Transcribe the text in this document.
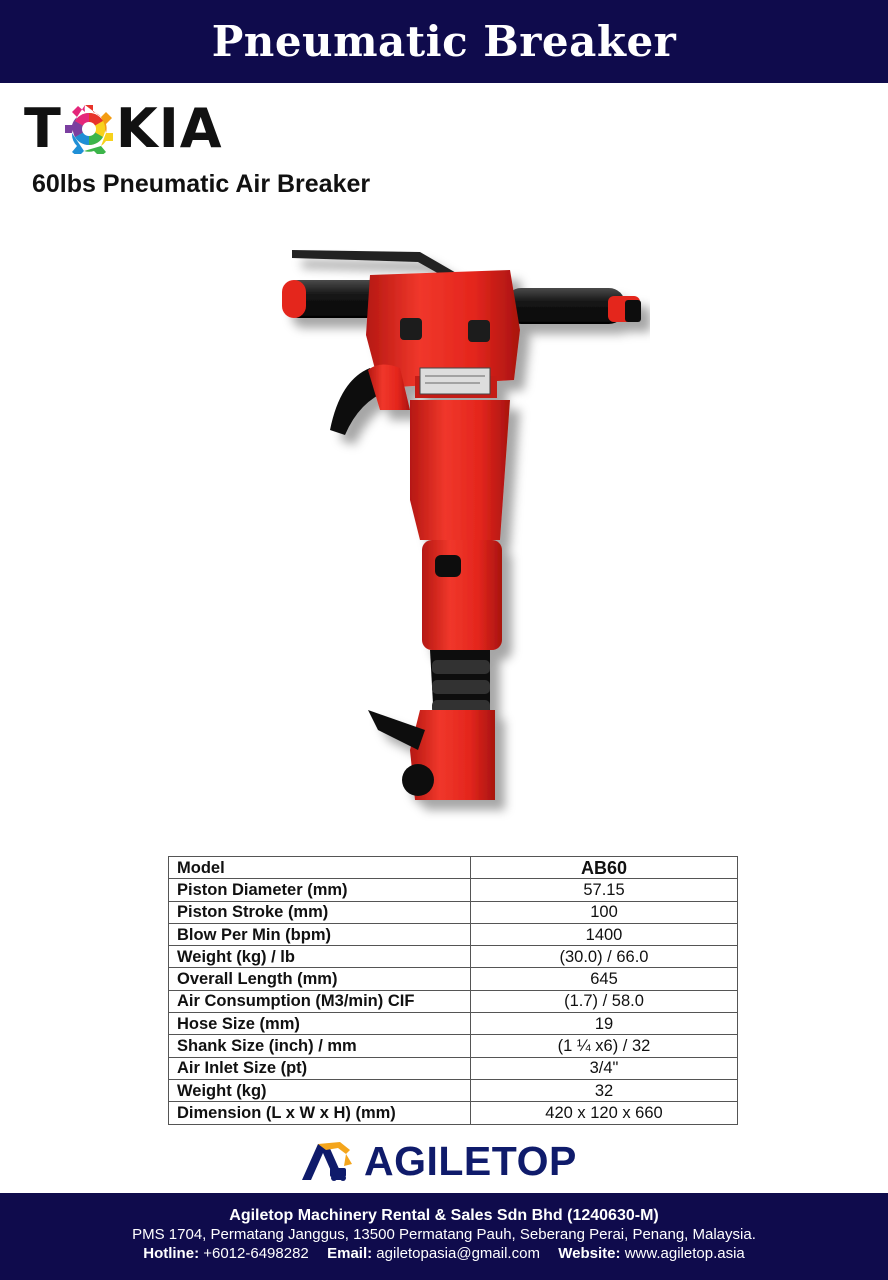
Pneumatic Breaker
T KIA
60lbs Pneumatic Air Breaker
Model	AB60
Piston Diameter (mm)	57.15
Piston Stroke (mm)	100
Blow Per Min (bpm)	1400
Weight (kg) / lb	(30.0) / 66.0
Overall Length (mm)	645
Air Consumption (M3/min) CIF	(1.7) / 58.0
Hose Size (mm)	19
Shank Size (inch) / mm	(1 ¼ x6) / 32
Air Inlet Size (pt)	3/4"
Weight (kg)	32
Dimension (L x W x H) (mm)	420 x 120 x 660
AGILETOP
Agiletop Machinery Rental & Sales Sdn Bhd (1240630-M)
PMS 1704, Permatang Janggus, 13500 Permatang Pauh, Seberang Perai, Penang, Malaysia.
Hotline: +6012-6498282 Email: agiletopasia@gmail.com Website: www.agiletop.asia
